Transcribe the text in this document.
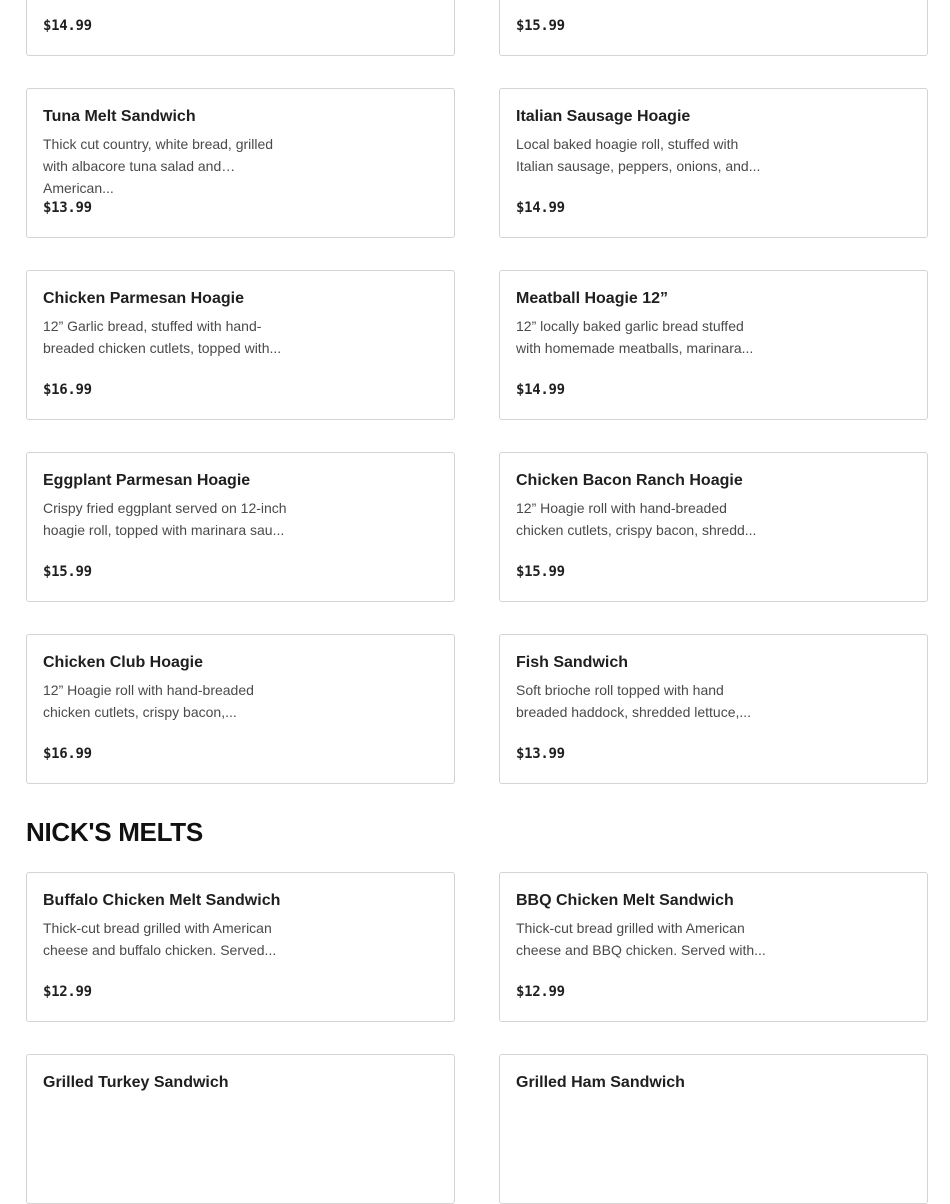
$14.99	$15.99
Tuna Melt Sandwich
Thick cut country, white bread, grilled with albacore tuna salad and American...
$13.99
Italian Sausage Hoagie
Local baked hoagie roll, stuffed with Italian sausage, peppers, onions, and...
$14.99
Chicken Parmesan Hoagie
12” Garlic bread, stuffed with hand-breaded chicken cutlets, topped with...
$16.99
Meatball Hoagie 12”
12” locally baked garlic bread stuffed with homemade meatballs, marinara...
$14.99
Eggplant Parmesan Hoagie
Crispy fried eggplant served on 12-inch hoagie roll, topped with marinara sau...
$15.99
Chicken Bacon Ranch Hoagie
12” Hoagie roll with hand-breaded chicken cutlets, crispy bacon, shredd...
$15.99
Chicken Club Hoagie
12” Hoagie roll with hand-breaded chicken cutlets, crispy bacon,...
$16.99
Fish Sandwich
Soft brioche roll topped with hand breaded haddock, shredded lettuce,...
$13.99
NICK'S MELTS
Buffalo Chicken Melt Sandwich
Thick-cut bread grilled with American cheese and buffalo chicken. Served...
$12.99
BBQ Chicken Melt Sandwich
Thick-cut bread grilled with American cheese and BBQ chicken. Served with...
$12.99
Grilled Turkey Sandwich	Grilled Ham Sandwich
